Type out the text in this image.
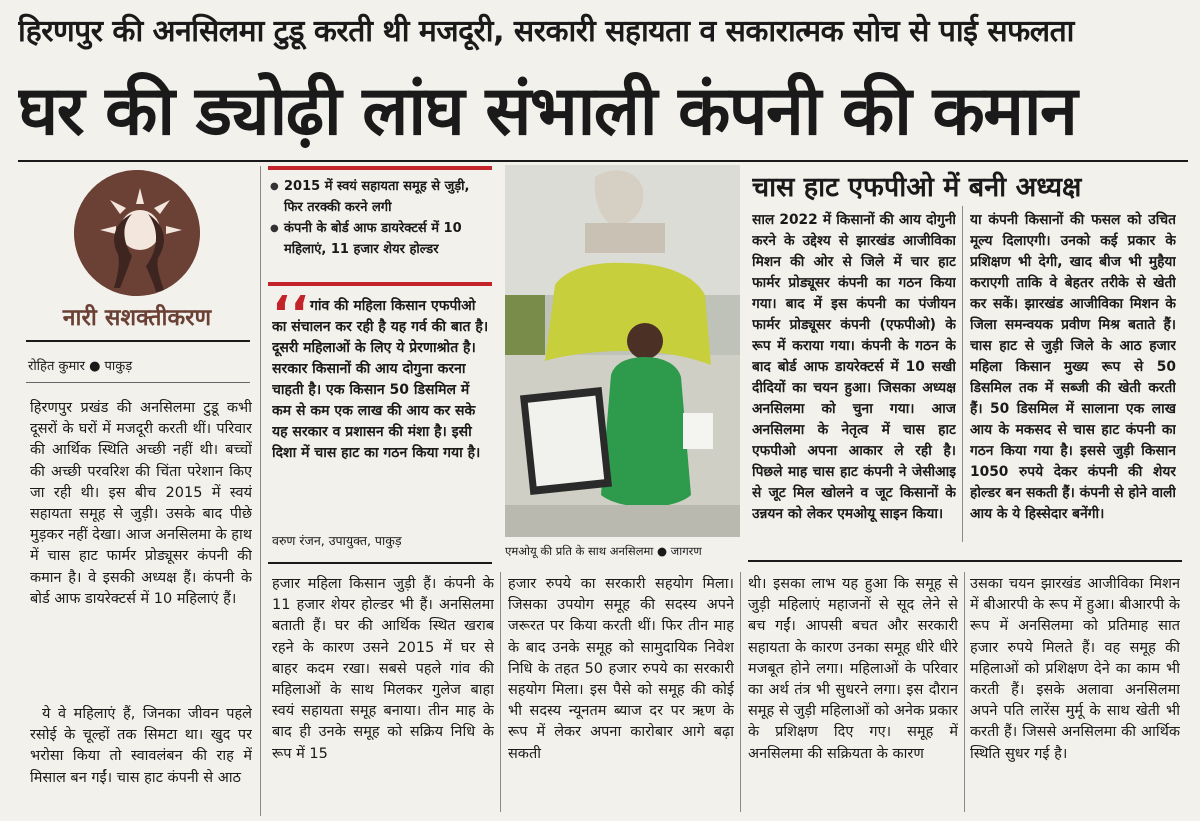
हिरणपुर की अनसिलमा टुडू करती थी मजदूरी, सरकारी सहायता व सकारात्मक सोच से पाई सफलता
घर की ड्योढ़ी लांघ संभाली कंपनी की कमान
नारी सशक्तीकरण
रोहित कुमार ● पाकुड़

हिरणपुर प्रखंड की अनसिलमा टुडू कभी दूसरों के घरों में मजदूरी करती थीं। परिवार की आर्थिक स्थिति अच्छी नहीं थी। बच्चों की अच्छी परवरिश की चिंता परेशान किए जा रही थी। इस बीच 2015 में स्वयं सहायता समूह से जुड़ी। उसके बाद पीछे मुड़कर नहीं देखा। आज अनसिलमा के हाथ में चास हाट फार्मर प्रोड्यूसर कंपनी की कमान है। वे इसकी अध्यक्ष हैं। कंपनी के बोर्ड आफ डायरेक्टर्स में 10 महिलाएं हैं।

ये वे महिलाएं हैं, जिनका जीवन पहले रसोई के चूल्हों तक सिमटा था। खुद पर भरोसा किया तो स्वावलंबन की राह में मिसाल बन गईं। चास हाट कंपनी से आठ

● 2015 में स्वयं सहायता समूह से जुड़ी, फिर तरक्की करने लगी
● कंपनी के बोर्ड आफ डायरेक्टर्स में 10 महिलाएं, 11 हजार शेयर होल्डर
‘‘ गांव की महिला किसान एफपीओ का संचालन कर रही है यह गर्व की बात है। दूसरी महिलाओं के लिए ये प्रेरणाश्रोत है। सरकार किसानों की आय दोगुना करना चाहती है। एक किसान 50 डिसमिल में कम से कम एक लाख की आय कर सके यह सरकार व प्रशासन की मंशा है। इसी दिशा में चास हाट का गठन किया गया है।
वरुण रंजन, उपायुक्त, पाकुड़
एमओयू की प्रति के साथ अनसिलमा ● जागरण
चास हाट एफपीओ में बनी अध्यक्ष

साल 2022 में किसानों की आय दोगुनी करने के उद्देश्य से झारखंड आजीविका मिशन की ओर से जिले में चार हाट फार्मर प्रोड्यूसर कंपनी का गठन किया गया। बाद में इस कंपनी का पंजीयन फार्मर प्रोड्यूसर कंपनी (एफपीओ) के रूप में कराया गया। कंपनी के गठन के बाद बोर्ड आफ डायरेक्टर्स में 10 सखी दीदियों का चयन हुआ। जिसका अध्यक्ष अनसिलमा को चुना गया। आज अनसिलमा के नेतृत्व में चास हाट एफपीओ अपना आकार ले रही है। पिछले माह चास हाट कंपनी ने जेसीआइ से जूट मिल खोलने व जूट किसानों के उन्नयन को लेकर एमओयू साइन किया।

या कंपनी किसानों की फसल को उचित मूल्य दिलाएगी। उनको कई प्रकार के प्रशिक्षण भी देगी, खाद बीज भी मुहैया कराएगी ताकि वे बेहतर तरीके से खेती कर सकें। झारखंड आजीविका मिशन के जिला समन्वयक प्रवीण मिश्र बताते हैं। चास हाट से जुड़ी जिले के आठ हजार महिला किसान मुख्य रूप से 50 डिसमिल तक में सब्जी की खेती करती हैं। 50 डिसमिल में सालाना एक लाख आय के मकसद से चास हाट कंपनी का गठन किया गया है। इससे जुड़ी किसान 1050 रुपये देकर कंपनी की शेयर होल्डर बन सकती हैं। कंपनी से होने वाली आय के ये हिस्सेदार बनेंगी।

हजार महिला किसान जुड़ी हैं। कंपनी के 11 हजार शेयर होल्डर भी हैं। अनसिलमा बताती हैं। घर की आर्थिक स्थित खराब रहने के कारण उसने 2015 में घर से बाहर कदम रखा। सबसे पहले गांव की महिलाओं के साथ मिलकर गुलेज बाहा स्वयं सहायता समूह बनाया। तीन माह के बाद ही उनके समूह को सक्रिय निधि के रूप में 15

हजार रुपये का सरकारी सहयोग मिला। जिसका उपयोग समूह की सदस्य अपने जरूरत पर किया करती थीं। फिर तीन माह के बाद उनके समूह को सामुदायिक निवेश निधि के तहत 50 हजार रुपये का सरकारी सहयोग मिला। इस पैसे को समूह की कोई भी सदस्य न्यूनतम ब्याज दर पर ऋण के रूप में लेकर अपना कारोबार आगे बढ़ा सकती

थी। इसका लाभ यह हुआ कि समूह से जुड़ी महिलाएं महाजनों से सूद लेने से बच गईं। आपसी बचत और सरकारी सहायता के कारण उनका समूह धीरे धीरे मजबूत होने लगा। महिलाओं के परिवार का अर्थ तंत्र भी सुधरने लगा। इस दौरान समूह से जुड़ी महिलाओं को अनेक प्रकार के प्रशिक्षण दिए गए। समूह में अनसिलमा की सक्रियता के कारण

उसका चयन झारखंड आजीविका मिशन में बीआरपी के रूप में हुआ। बीआरपी के रूप में अनसिलमा को प्रतिमाह सात हजार रुपये मिलते हैं। वह समूह की महिलाओं को प्रशिक्षण देने का काम भी करती हैं। इसके अलावा अनसिलमा अपने पति लारेंस मुर्मू के साथ खेती भी करती हैं। जिससे अनसिलमा की आर्थिक स्थिति सुधर गई है।
